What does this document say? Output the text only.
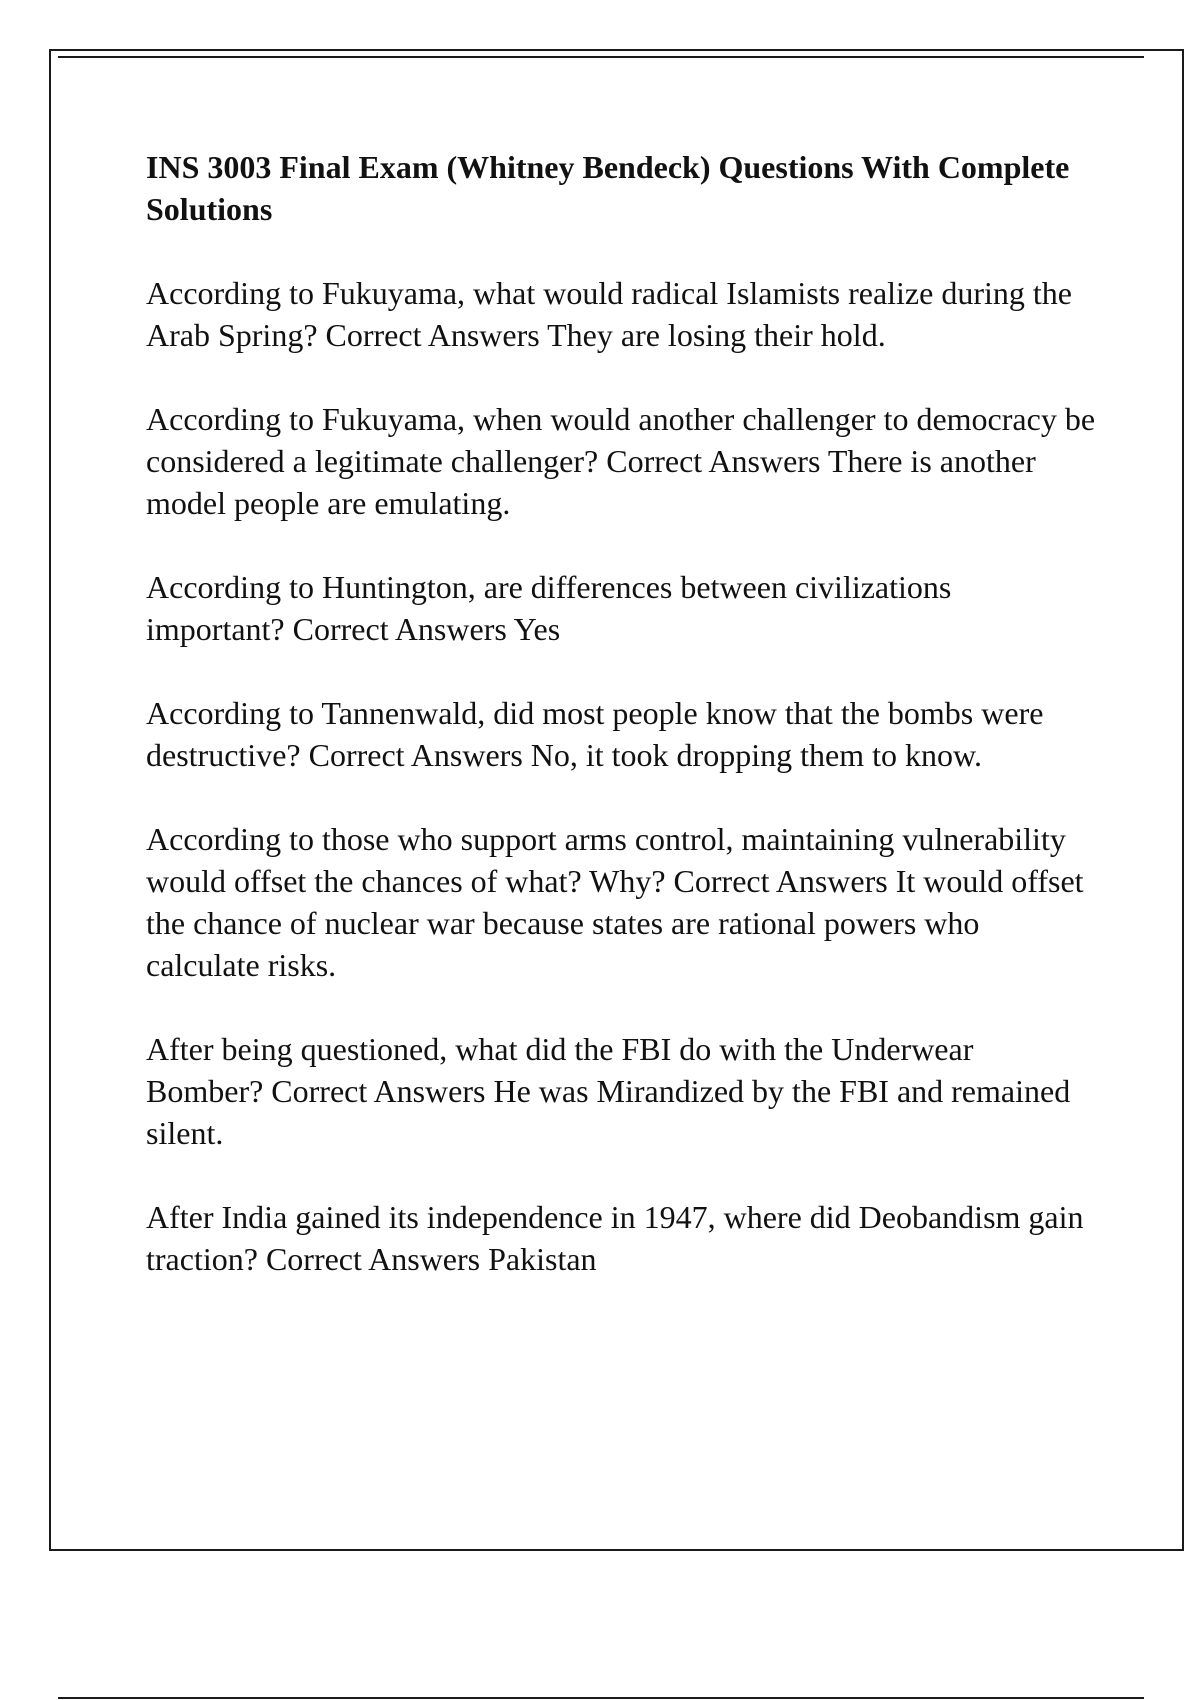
INS 3003 Final Exam (Whitney Bendeck) Questions With Complete Solutions
According to Fukuyama, what would radical Islamists realize during the Arab Spring? Correct Answers They are losing their hold.
According to Fukuyama, when would another challenger to democracy be considered a legitimate challenger? Correct Answers There is another model people are emulating.
According to Huntington, are differences between civilizations important? Correct Answers Yes
According to Tannenwald, did most people know that the bombs were destructive? Correct Answers No, it took dropping them to know.
According to those who support arms control, maintaining vulnerability would offset the chances of what? Why? Correct Answers It would offset the chance of nuclear war because states are rational powers who calculate risks.
After being questioned, what did the FBI do with the Underwear Bomber? Correct Answers He was Mirandized by the FBI and remained silent.
After India gained its independence in 1947, where did Deobandism gain traction? Correct Answers Pakistan
